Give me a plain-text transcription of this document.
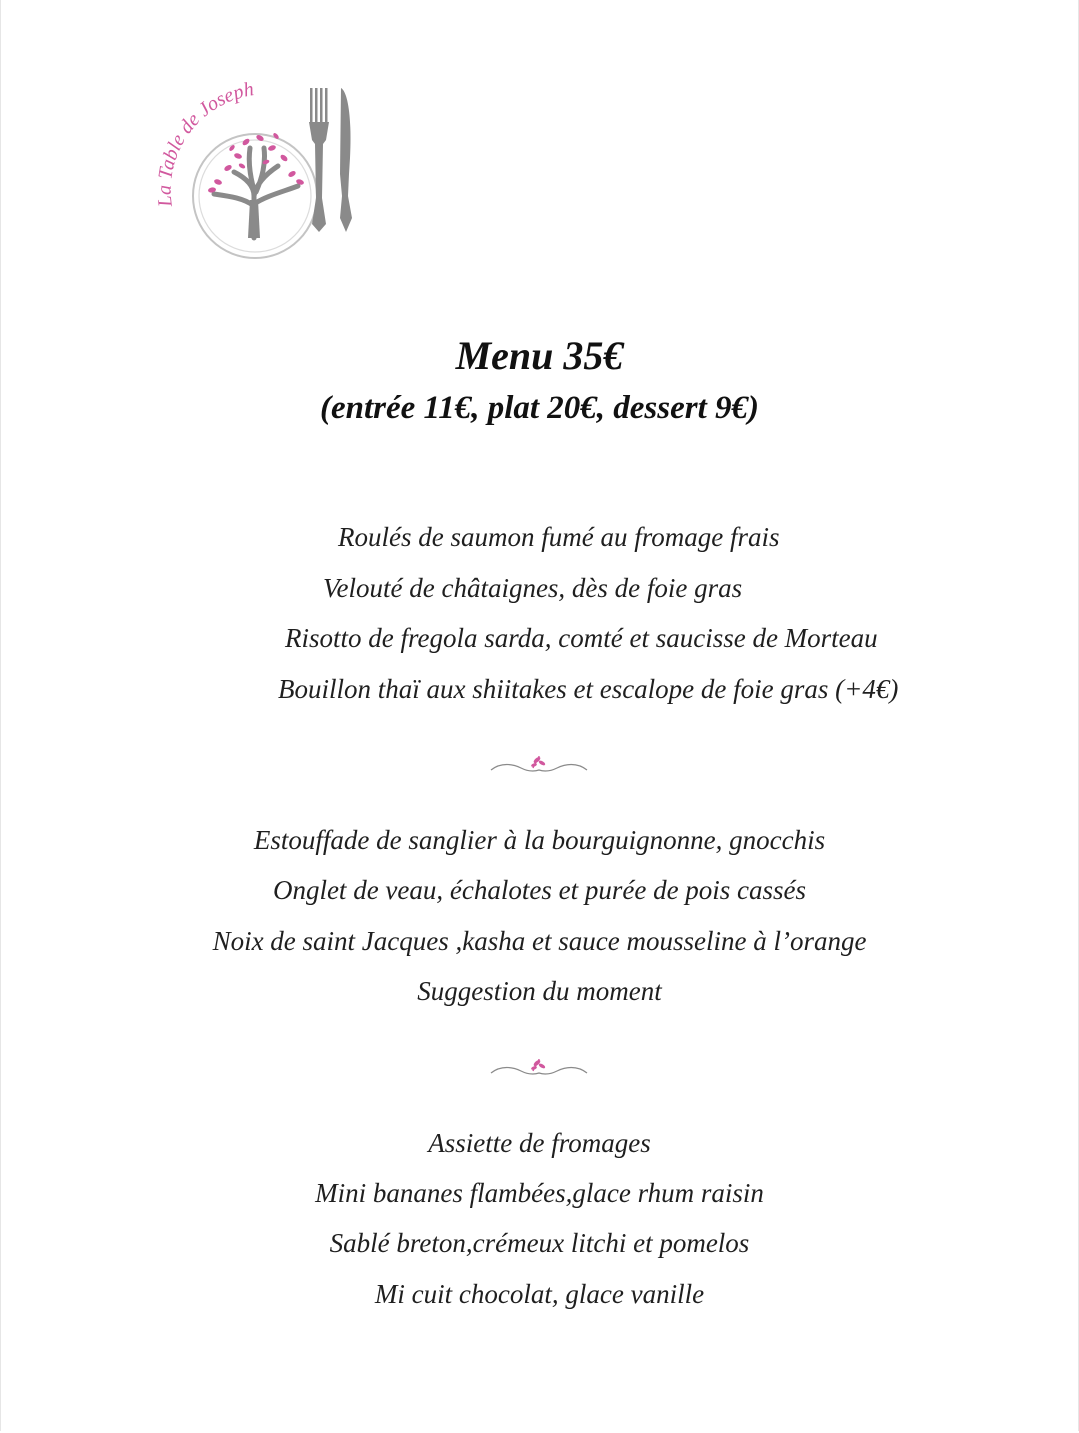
La Table de Joseph
Menu 35€
(entrée 11€, plat 20€, dessert 9€)
Roulés de saumon fumé au fromage frais
Velouté de châtaignes, dès de foie gras
Risotto de fregola sarda, comté et saucisse de Morteau
Bouillon thaï aux shiitakes et escalope de foie gras (+4€)
Estouffade de sanglier à la bourguignonne, gnocchis
Onglet de veau, échalotes et purée de pois cassés
Noix de saint Jacques ,kasha et sauce mousseline à l’orange
Suggestion du moment
Assiette de fromages
Mini bananes flambées,glace rhum raisin
Sablé breton,crémeux litchi et pomelos
Mi cuit chocolat, glace vanille
